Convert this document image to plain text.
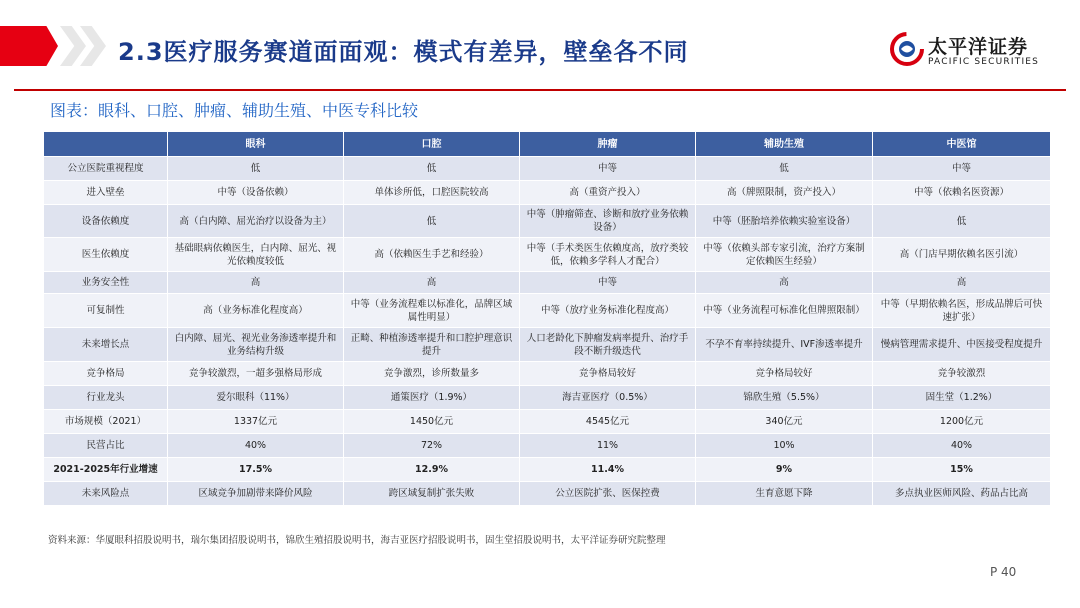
2.3医疗服务赛道面面观：模式有差异，壁垒各不同	太平洋证券
PACIFIC SECURITIES
图表：眼科、口腔、肿瘤、辅助生殖、中医专科比较
	眼科	口腔	肿瘤	辅助生殖	中医馆
公立医院重视程度	低	低	中等	低	中等
进入壁垒	中等（设备依赖）	单体诊所低，口腔医院较高	高（重资产投入）	高（牌照限制，资产投入）	中等（依赖名医资源）
设备依赖度	高（白内障、屈光治疗以设备为主）	低	中等（肿瘤筛查、诊断和放疗业务依赖设备）	中等（胚胎培养依赖实验室设备）	低
医生依赖度	基础眼病依赖医生，白内障、屈光、视光依赖度较低	高（依赖医生手艺和经验）	中等（手术类医生依赖度高，放疗类较低，依赖多学科人才配合）	中等（依赖头部专家引流，治疗方案制定依赖医生经验）	高（门店早期依赖名医引流）
业务安全性	高	高	中等	高	高
可复制性	高（业务标准化程度高）	中等（业务流程难以标准化，品牌区域属性明显）	中等（放疗业务标准化程度高）	中等（业务流程可标准化但牌照限制）	中等（早期依赖名医，形成品牌后可快速扩张）
未来增长点	白内障、屈光、视光业务渗透率提升和业务结构升级	正畸、种植渗透率提升和口腔护理意识提升	人口老龄化下肿瘤发病率提升、治疗手段不断升级迭代	不孕不育率持续提升、IVF渗透率提升	慢病管理需求提升、中医接受程度提升
竞争格局	竞争较激烈，一超多强格局形成	竞争激烈，诊所数量多	竞争格局较好	竞争格局较好	竞争较激烈
行业龙头	爱尔眼科（11%）	通策医疗（1.9%）	海吉亚医疗（0.5%）	锦欣生殖（5.5%）	固生堂（1.2%）
市场规模（2021）	1337亿元	1450亿元	4545亿元	340亿元	1200亿元
民营占比	40%	72%	11%	10%	40%
2021-2025年行业增速	17.5%	12.9%	11.4%	9%	15%
未来风险点	区域竞争加剧带来降价风险	跨区域复制扩张失败	公立医院扩张、医保控费	生育意愿下降	多点执业医师风险、药品占比高
资料来源：华厦眼科招股说明书，瑞尔集团招股说明书，锦欣生殖招股说明书，海吉亚医疗招股说明书，固生堂招股说明书，太平洋证券研究院整理
P 40
